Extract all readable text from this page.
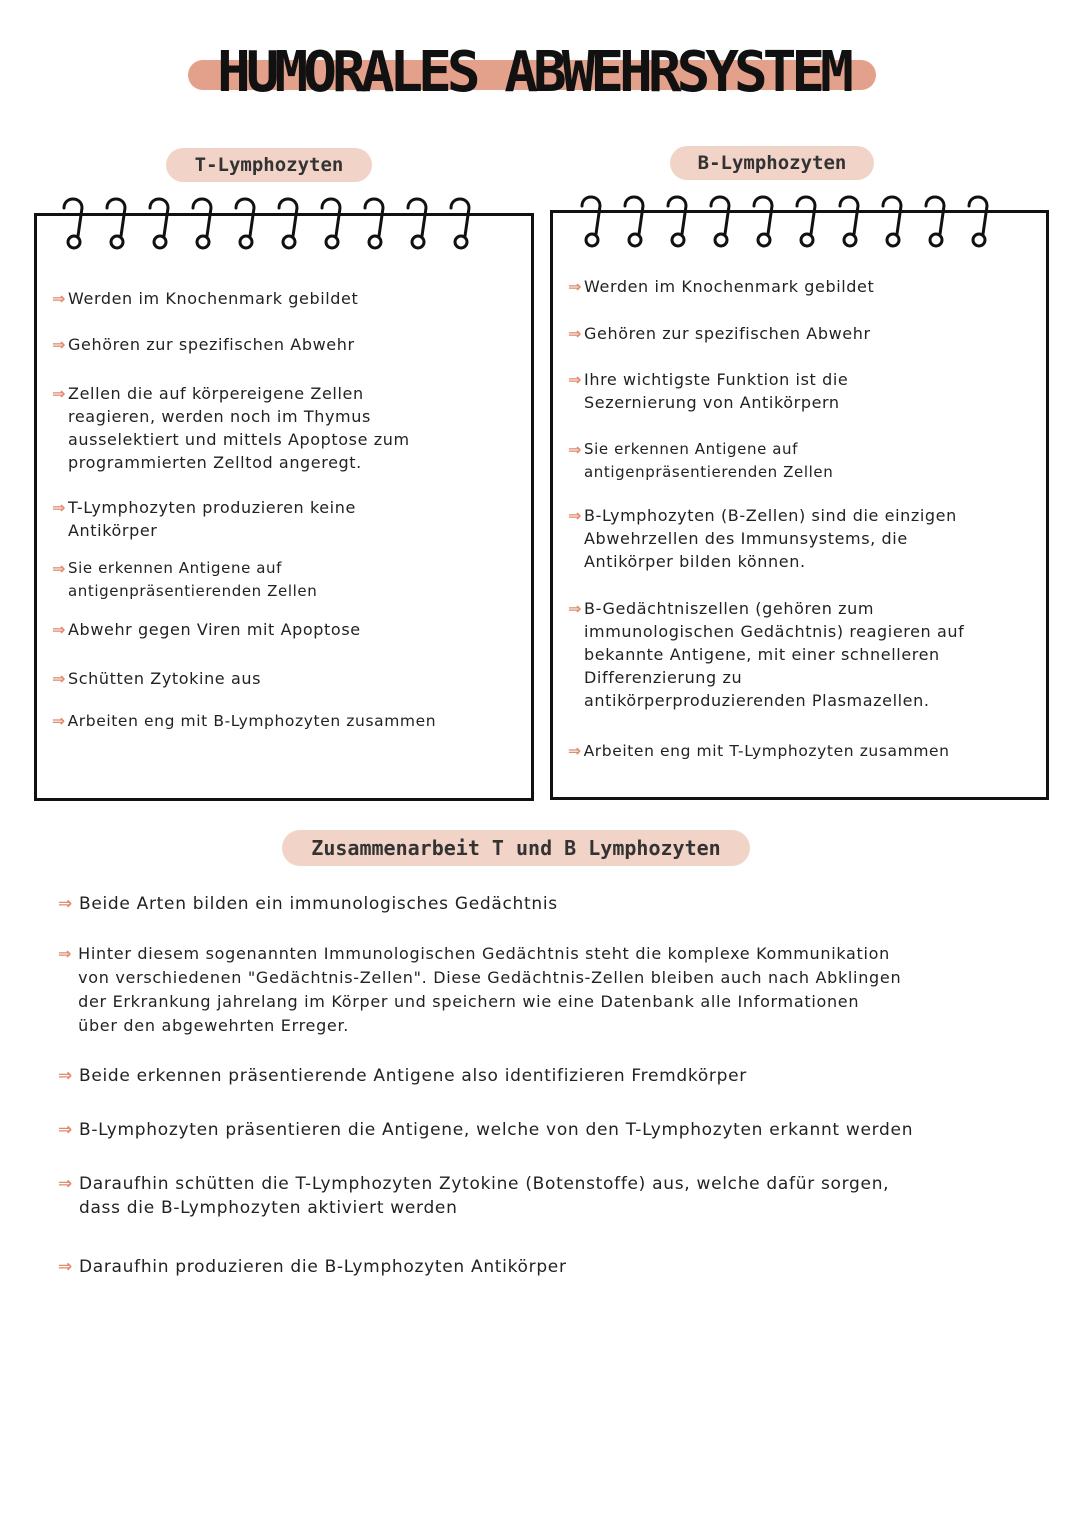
HUMORALES ABWEHRSYSTEM
T-Lymphozyten
⇒ Werden im Knochenmark gebildet
⇒ Gehören zur spezifischen Abwehr
⇒ Zellen die auf körpereigene Zellen
reagieren, werden noch im Thymus
ausselektiert und mittels Apoptose zum
programmierten Zelltod angeregt.
⇒ T-Lymphozyten produzieren keine
Antikörper
⇒ Sie erkennen Antigene auf
antigenpräsentierenden Zellen
⇒ Abwehr gegen Viren mit Apoptose
⇒ Schütten Zytokine aus
⇒ Arbeiten eng mit B-Lymphozyten zusammen
B-Lymphozyten
⇒ Werden im Knochenmark gebildet
⇒ Gehören zur spezifischen Abwehr
⇒ Ihre wichtigste Funktion ist die
Sezernierung von Antikörpern
⇒ Sie erkennen Antigene auf
antigenpräsentierenden Zellen
⇒ B-Lymphozyten (B-Zellen) sind die einzigen
Abwehrzellen des Immunsystems, die
Antikörper bilden können.
⇒ B-Gedächtniszellen (gehören zum
immunologischen Gedächtnis) reagieren auf
bekannte Antigene, mit einer schnelleren
Differenzierung zu
antikörperproduzierenden Plasmazellen.
⇒ Arbeiten eng mit T-Lymphozyten zusammen
Zusammenarbeit T und B Lymphozyten
⇒ Beide Arten bilden ein immunologisches Gedächtnis
⇒ Hinter diesem sogenannten Immunologischen Gedächtnis steht die komplexe Kommunikation
von verschiedenen "Gedächtnis-Zellen". Diese Gedächtnis-Zellen bleiben auch nach Abklingen
der Erkrankung jahrelang im Körper und speichern wie eine Datenbank alle Informationen
über den abgewehrten Erreger.
⇒ Beide erkennen präsentierende Antigene also identifizieren Fremdkörper
⇒ B-Lymphozyten präsentieren die Antigene, welche von den T-Lymphozyten erkannt werden
⇒ Daraufhin schütten die T-Lymphozyten Zytokine (Botenstoffe) aus, welche dafür sorgen,
dass die B-Lymphozyten aktiviert werden
⇒ Daraufhin produzieren die B-Lymphozyten Antikörper
